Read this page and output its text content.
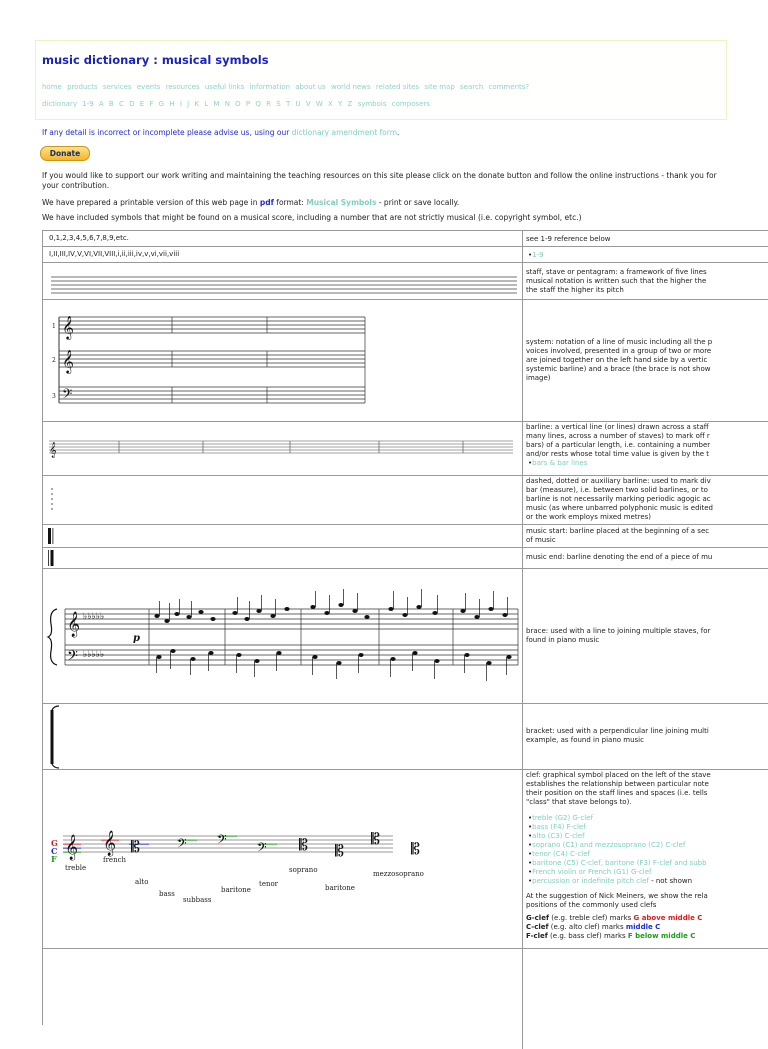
music dictionary : musical symbols
home products services events resources useful links information about us world news related sites site map search comments?
dictionary 1-9 A B C D E F G H I J K L M N O P Q R S T U V W X Y Z symbols composers
If any detail is incorrect or incomplete please advise us, using our dictionary amendment form.
Donate
If you would like to support our work writing and maintaining the teaching resources on this site please click on the donate button and follow the online instructions - thank you for your contribution.
We have prepared a printable version of this web page in pdf format: Musical Symbols - print or save locally.
We have included symbols that might be found on a musical score, including a number that are not strictly musical (i.e. copyright symbol, etc.)
0,1,2,3,4,5,6,7,8,9,etc.	see 1-9 reference below
I,II,III,IV,V,VI,VII,VIII,i,ii,iii,iv,v,vi,vii,viii
•	1-9
staff, stave or pentagram: a framework of five lines
musical notation is written such that the higher the
the staff the higher its pitch
1
2
3
𝄞
𝄞
𝄢
system: notation of a line of music including all the p
voices involved, presented in a group of two or more
are joined together on the left hand side by a vertic
systemic barline) and a brace (the brace is not show
image)
𝄞
barline: a vertical line (or lines) drawn across a staff
many lines, across a number of staves) to mark off r
bars) of a particular length, i.e. containing a number
and/or rests whose total time value is given by the t
• bars & bar lines
dashed, dotted or auxiliary barline: used to mark div
bar (measure), i.e. between two solid barlines, or to
barline is not necessarily marking periodic agogic ac
music (as where unbarred polyphonic music is edited
or the work employs mixed metres)
music start: barline placed at the beginning of a sec
of music
music end: barline denoting the end of a piece of mu
𝄞
𝄢
♭♭♭♭♭
♭♭♭♭♭
p
brace: used with a line to joining multiple staves, for
found in piano music
bracket: used with a perpendicular line joining multi
example, as found in piano music
G
C
F 𝄞 𝄞 𝄡 𝄢 𝄢 𝄢 𝄡 𝄡
𝄡
𝄡
treble
french
alto
bass
subbass
baritone
tenor
soprano
baritone
mezzosoprano
clef: graphical symbol placed on the left of the stave
establishes the relationship between particular note
their position on the staff lines and spaces (i.e. tells
"class" that stave belongs to).
• treble (G2) G-clef
• bass (F4) F-clef
• alto (C3) C-clef
• soprano (C1) and mezzosoprano (C2) C-clef
• tenor (C4) C-clef
• baritone (C5) C-clef, baritone (F3) F-clef and subb
• French violin or French (G1) G-clef
• percussion or indefinite pitch clef - not shown
At the suggestion of Nick Meiners, we show the rela
positions of the commonly used clefs
G-clef (e.g. treble clef) marks G above middle C
C-clef (e.g. alto clef) marks middle C
F-clef (e.g. bass clef) marks F below middle C
